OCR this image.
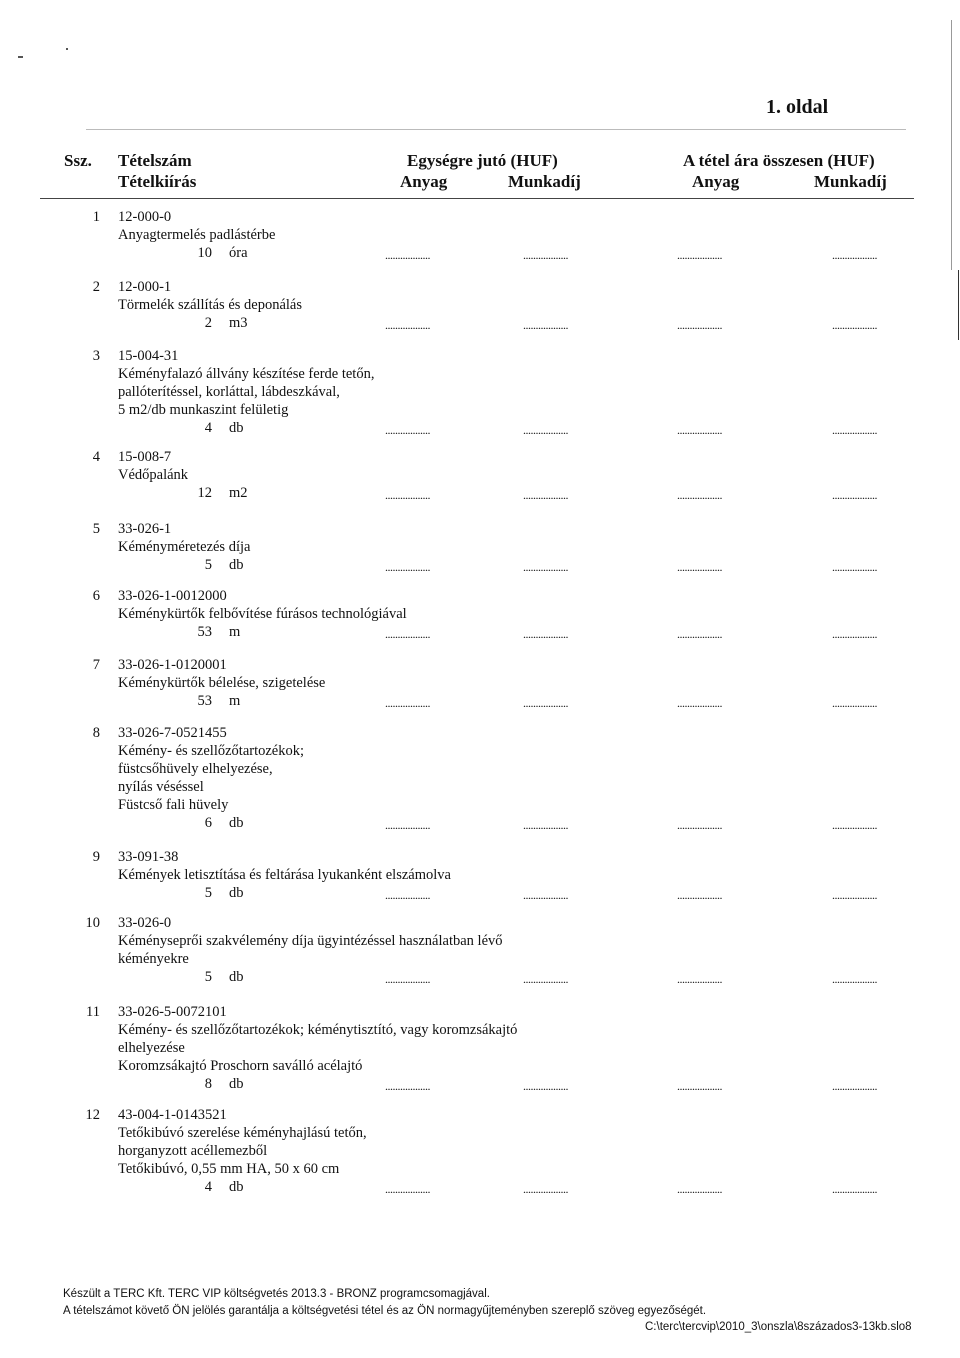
1. oldal
Ssz. Tételszám
Tételkiírás
Egységre jutó (HUF)
Anyag	Munkadíj
A tétel ára összesen (HUF)
Anyag	Munkadíj
1 12-000-0
Anyagtermelés padlástérbe
10 óra	..................	..................	..................	..................
2 12-000-1
Törmelék szállítás és deponálás
2 m3	..................	..................	..................	..................
3 15-004-31
Kéményfalazó állvány készítése ferde tetőn,
pallóterítéssel, korláttal, lábdeszkával,
5 m2/db munkaszint felületig
4 db	..................	..................	..................	..................
4 15-008-7
Védőpalánk
12 m2	..................	..................	..................	..................
5 33-026-1
Kéményméretezés díja
5 db	..................	..................	..................	..................
6 33-026-1-0012000
Kéménykürtők felbővítése fúrásos technológiával
53 m	..................	..................	..................	..................
7 33-026-1-0120001
Kéménykürtők bélelése, szigetelése
53 m	..................	..................	..................	..................
8 33-026-7-0521455
Kémény- és szellőzőtartozékok;
füstcsőhüvely elhelyezése,
nyílás véséssel
Füstcső fali hüvely
6 db	..................	..................	..................	..................
9 33-091-38
Kémények letisztítása és feltárása lyukanként elszámolva
5 db	..................	..................	..................	..................
10 33-026-0
Kéményseprői szakvélemény díja ügyintézéssel használatban lévő
kéményekre
5 db	..................	..................	..................	..................
11 33-026-5-0072101
Kémény- és szellőzőtartozékok; kéménytisztító, vagy koromzsákajtó
elhelyezése
Koromzsákajtó Proschorn saválló acélajtó
8 db	..................	..................	..................	..................
12 43-004-1-0143521
Tetőkibúvó szerelése kéményhajlású tetőn,
horganyzott acéllemezből
Tetőkibúvó, 0,55 mm HA, 50 x 60 cm
4 db	..................	..................	..................	..................
Készült a TERC Kft. TERC VIP költségvetés 2013.3 - BRONZ programcsomagjával.
A tételszámot követő ÖN jelölés garantálja a költségvetési tétel és az ÖN normagyűjteményben szereplő szöveg egyezőségét.
C:\terc\tercvip\2010_3\onszla\8százados3-13kb.slo8
